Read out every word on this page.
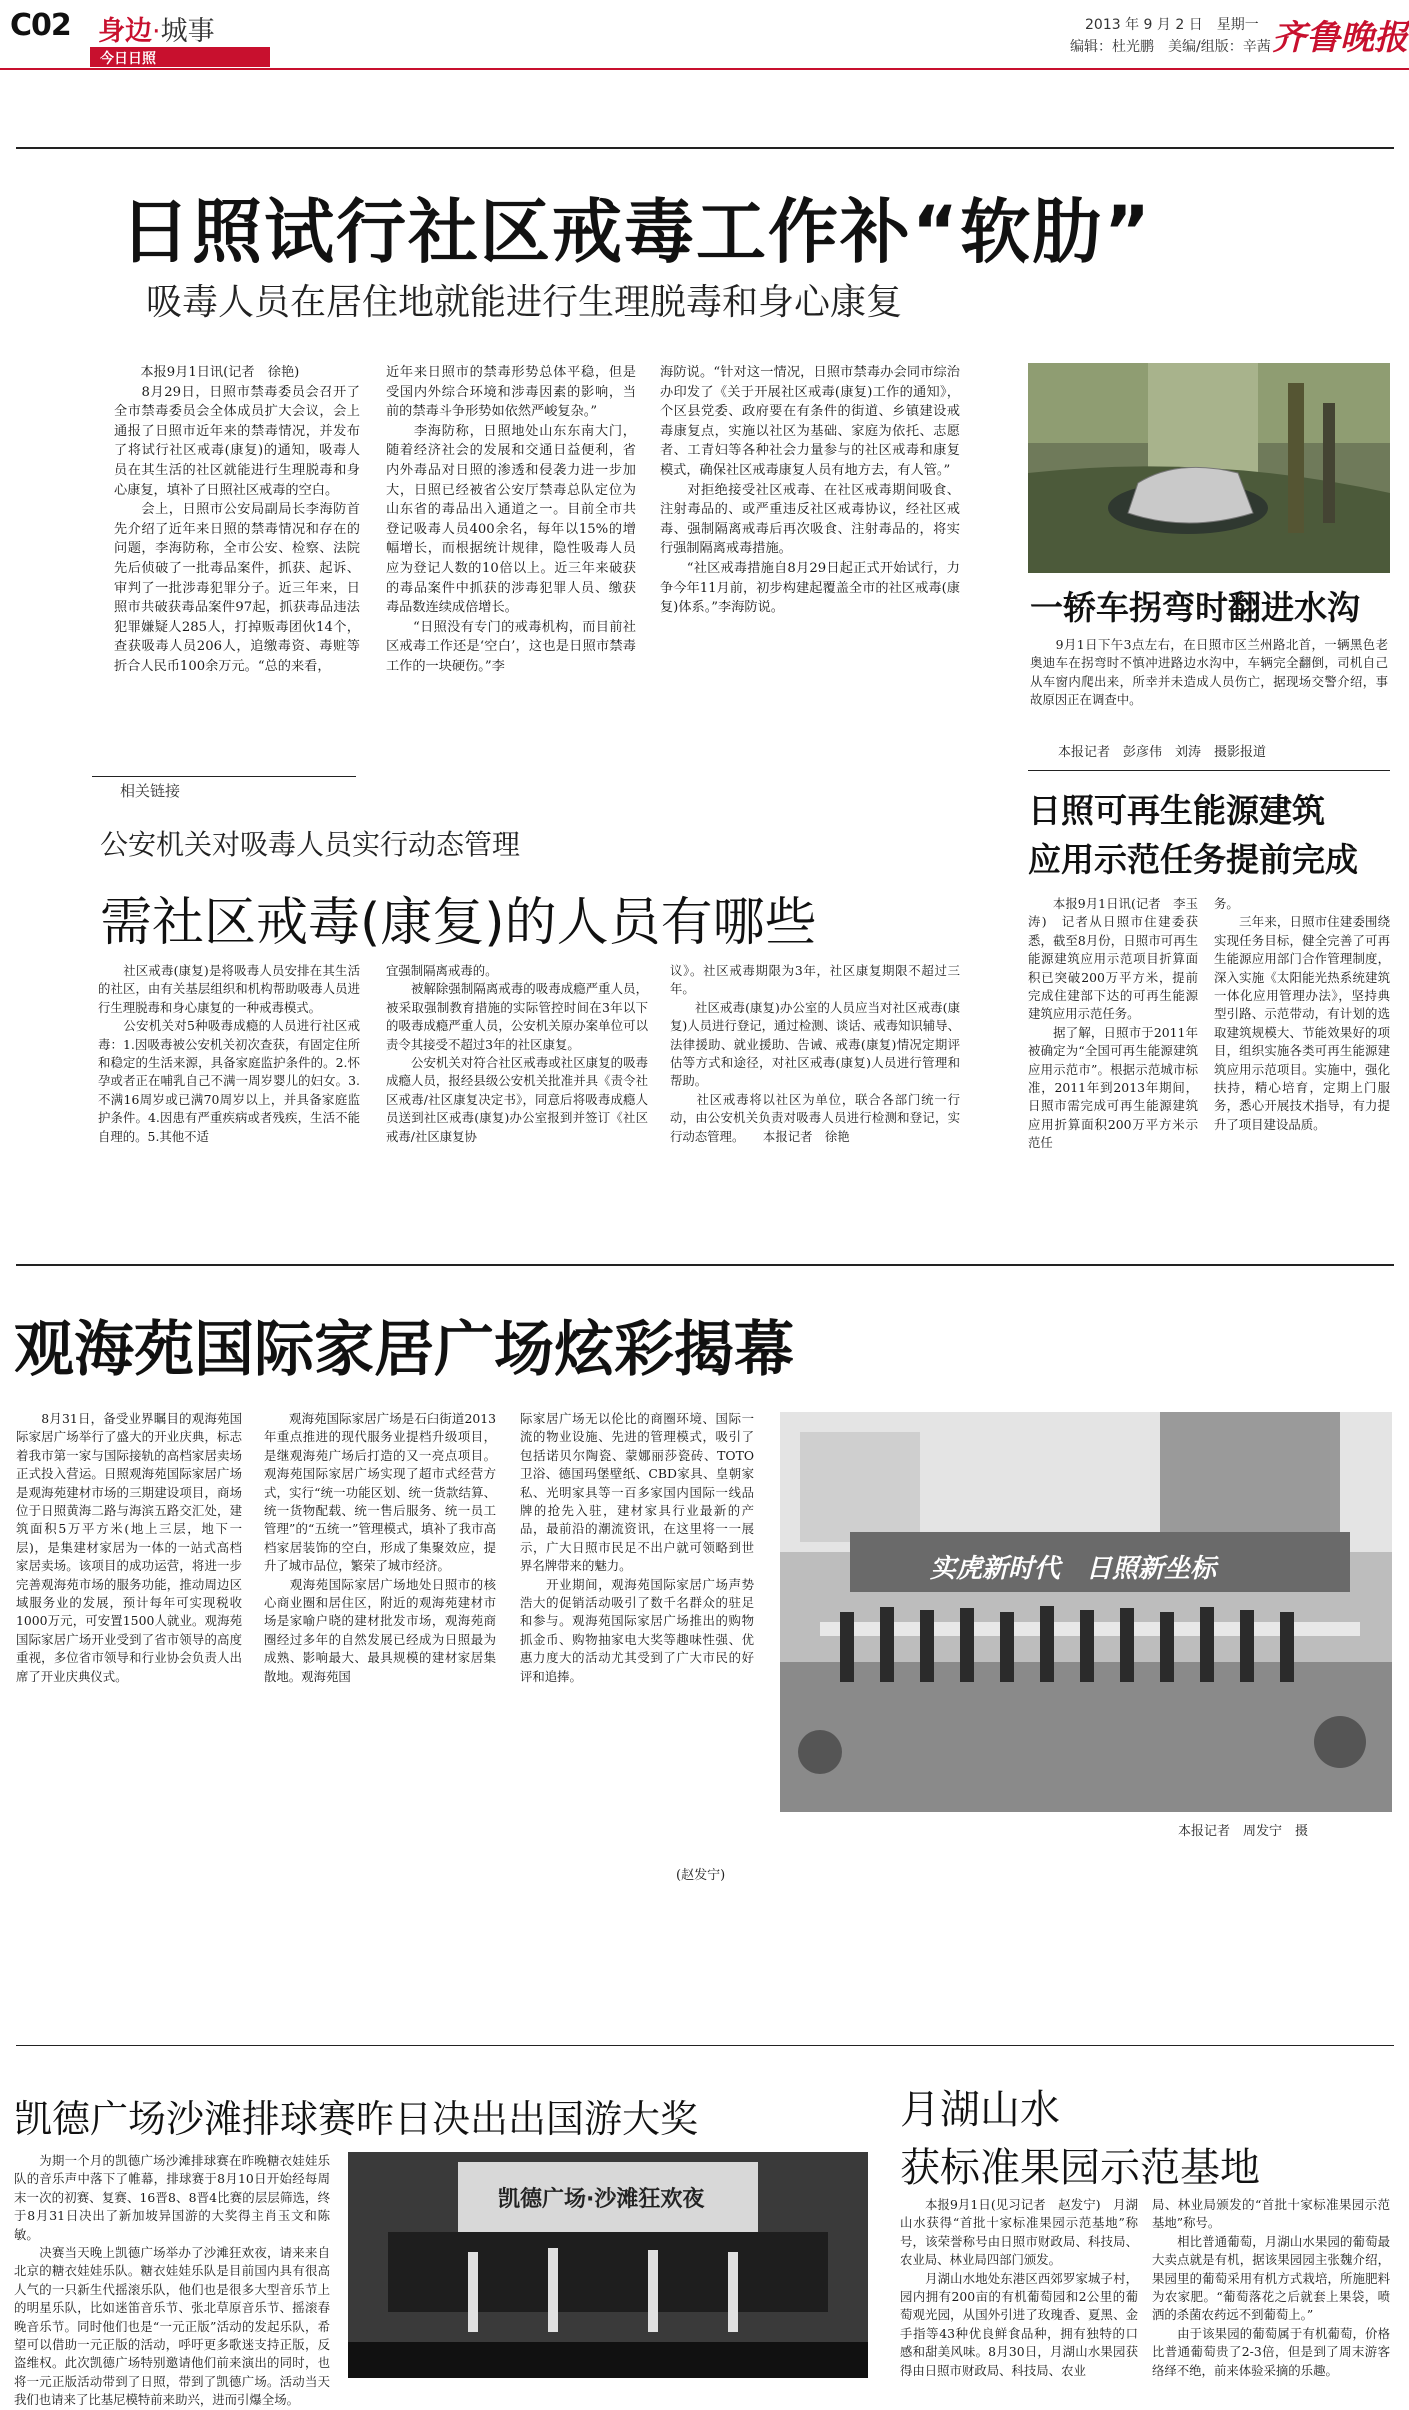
C02 身边·城事
今日日照
2013 年 9 月 2 日　星期一
编辑：杜光鹏　美编/组版：辛茜 齐鲁晚报
日照试行社区戒毒工作补“软肋”
吸毒人员在居住地就能进行生理脱毒和身心康复
　　本报9月1日讯(记者　徐艳)
　　8月29日，日照市禁毒委员会召开了全市禁毒委员会全体成员扩大会议，会上通报了日照市近年来的禁毒情况，并发布了将试行社区戒毒(康复)的通知，吸毒人员在其生活的社区就能进行生理脱毒和身心康复，填补了日照社区戒毒的空白。
　　会上，日照市公安局副局长李海防首先介绍了近年来日照的禁毒情况和存在的问题，李海防称，全市公安、检察、法院先后侦破了一批毒品案件，抓获、起诉、审判了一批涉毒犯罪分子。近三年来，日照市共破获毒品案件97起，抓获毒品违法犯罪嫌疑人285人，打掉贩毒团伙14个，查获吸毒人员206人，追缴毒资、毒赃等折合人民币100余万元。“总的来看，
近年来日照市的禁毒形势总体平稳，但是受国内外综合环境和涉毒因素的影响，当前的禁毒斗争形势如依然严峻复杂。”
　　李海防称，日照地处山东东南大门，随着经济社会的发展和交通日益便利，省内外毒品对日照的渗透和侵袭力进一步加大，日照已经被省公安厅禁毒总队定位为山东省的毒品出入通道之一。目前全市共登记吸毒人员400余名，每年以15%的增幅增长，而根据统计规律，隐性吸毒人员应为登记人数的10倍以上。近三年来破获的毒品案件中抓获的涉毒犯罪人员、缴获毒品数连续成倍增长。
　　“日照没有专门的戒毒机构，而目前社区戒毒工作还是‘空白’，这也是日照市禁毒工作的一块硬伤。”李
海防说。“针对这一情况，日照市禁毒办会同市综治办印发了《关于开展社区戒毒(康复)工作的通知》，个区县党委、政府要在有条件的街道、乡镇建设戒毒康复点，实施以社区为基础、家庭为依托、志愿者、工青妇等各种社会力量参与的社区戒毒和康复模式，确保社区戒毒康复人员有地方去，有人管。”
　　对拒绝接受社区戒毒、在社区戒毒期间吸食、注射毒品的、或严重违反社区戒毒协议，经社区戒毒、强制隔离戒毒后再次吸食、注射毒品的，将实行强制隔离戒毒措施。
　　“社区戒毒措施自8月29日起正式开始试行，力争今年11月前，初步构建起覆盖全市的社区戒毒(康复)体系。”李海防说。	一轿车拐弯时翻进水沟
　　9月1日下午3点左右，在日照市区兰州路北首，一辆黑色老奥迪车在拐弯时不慎冲进路边水沟中，车辆完全翻倒，司机自己从车窗内爬出来，所幸并未造成人员伤亡，据现场交警介绍，事故原因正在调查中。
本报记者　彭彦伟　刘涛　摄影报道
相关链接
公安机关对吸毒人员实行动态管理
需社区戒毒(康复)的人员有哪些
　　社区戒毒(康复)是将吸毒人员安排在其生活的社区，由有关基层组织和机构帮助吸毒人员进行生理脱毒和身心康复的一种戒毒模式。
　　公安机关对5种吸毒成瘾的人员进行社区戒毒：1.因吸毒被公安机关初次查获，有固定住所和稳定的生活来源，具备家庭监护条件的。2.怀孕或者正在哺乳自己不满一周岁婴儿的妇女。3.不满16周岁或已满70周岁以上，并具备家庭监护条件。4.因患有严重疾病或者残疾，生活不能自理的。5.其他不适
宜强制隔离戒毒的。
　　被解除强制隔离戒毒的吸毒成瘾严重人员，被采取强制教育措施的实际管控时间在3年以下的吸毒成瘾严重人员，公安机关原办案单位可以责令其接受不超过3年的社区康复。
　　公安机关对符合社区戒毒或社区康复的吸毒成瘾人员，报经县级公安机关批准并具《责令社区戒毒/社区康复决定书》，同意后将吸毒成瘾人员送到社区戒毒(康复)办公室报到并签订《社区戒毒/社区康复协
议》。社区戒毒期限为3年，社区康复期限不超过三年。
　　社区戒毒(康复)办公室的人员应当对社区戒毒(康复)人员进行登记，通过检测、谈话、戒毒知识辅导、法律援助、就业援助、告诫、戒毒(康复)情况定期评估等方式和途径，对社区戒毒(康复)人员进行管理和帮助。
　　社区戒毒将以社区为单位，联合各部门统一行动，由公安机关负责对吸毒人员进行检测和登记，实行动态管理。　　本报记者　徐艳
日照可再生能源建筑
应用示范任务提前完成
　　本报9月1日讯(记者　李玉涛)　记者从日照市住建委获悉，截至8月份，日照市可再生能源建筑应用示范项目折算面积已突破200万平方米，提前完成住建部下达的可再生能源建筑应用示范任务。
　　据了解，日照市于2011年被确定为“全国可再生能源建筑应用示范市”。根据示范城市标准，2011年到2013年期间，日照市需完成可再生能源建筑应用折算面积200万平方米示范任
务。
　　三年来，日照市住建委围绕实现任务目标，健全完善了可再生能源应用部门合作管理制度，深入实施《太阳能光热系统建筑一体化应用管理办法》，坚持典型引路、示范带动，有计划的选取建筑规模大、节能效果好的项目，组织实施各类可再生能源建筑应用示范项目。实施中，强化扶持，精心培育，定期上门服务，悉心开展技术指导，有力提升了项目建设品质。
观海苑国际家居广场炫彩揭幕
　　8月31日，备受业界瞩目的观海苑国际家居广场举行了盛大的开业庆典，标志着我市第一家与国际接轨的高档家居卖场正式投入营运。日照观海苑国际家居广场是观海苑建材市场的三期建设项目，商场位于日照黄海二路与海滨五路交汇处，建筑面积5万平方米(地上三层，地下一层)，是集建材家居为一体的一站式高档家居卖场。该项目的成功运营，将进一步完善观海苑市场的服务功能，推动周边区域服务业的发展，预计每年可实现税收1000万元，可安置1500人就业。观海苑国际家居广场开业受到了省市领导的高度重视，多位省市领导和行业协会负责人出席了开业庆典仪式。
　　观海苑国际家居广场是石臼街道2013年重点推进的现代服务业提档升级项目，是继观海苑广场后打造的又一亮点项目。观海苑国际家居广场实现了超市式经营方式，实行“统一功能区划、统一货款结算、统一货物配载、统一售后服务、统一员工管理”的“五统一”管理模式，填补了我市高档家居装饰的空白，形成了集聚效应，提升了城市品位，繁荣了城市经济。
　　观海苑国际家居广场地处日照市的核心商业圈和居住区，附近的观海苑建材市场是家喻户晓的建材批发市场，观海苑商圈经过多年的自然发展已经成为日照最为成熟、影响最大、最具规模的建材家居集散地。观海苑国
际家居广场无以伦比的商圈环境、国际一流的物业设施、先进的管理模式，吸引了包括诺贝尔陶瓷、蒙娜丽莎瓷砖、TOTO卫浴、德国玛堡壁纸、CBD家具、皇朝家私、光明家具等一百多家国内国际一线品牌的抢先入驻，建材家具行业最新的产品，最前沿的潮流资讯，在这里将一一展示，广大日照市民足不出户就可领略到世界名牌带来的魅力。
　　开业期间，观海苑国际家居广场声势浩大的促销活动吸引了数千名群众的驻足和参与。观海苑国际家居广场推出的购物抓金币、购物抽家电大奖等趣味性强、优惠力度大的活动尤其受到了广大市民的好评和追捧。
(赵发宁)
实虎新时代　日照新坐标
本报记者　周发宁　摄
凯德广场沙滩排球赛昨日决出出国游大奖
　　为期一个月的凯德广场沙滩排球赛在昨晚糖衣娃娃乐队的音乐声中落下了帷幕，排球赛于8月10日开始经每周末一次的初赛、复赛、16晋8、8晋4比赛的层层筛选，终于8月31日决出了新加坡异国游的大奖得主肖玉文和陈敏。
　　决赛当天晚上凯德广场举办了沙滩狂欢夜，请来来自北京的糖衣娃娃乐队。糖衣娃娃乐队是目前国内具有很高人气的一只新生代摇滚乐队，他们也是很多大型音乐节上的明星乐队，比如迷笛音乐节、张北草原音乐节、摇滚春晚音乐节。同时他们也是“一元正版”活动的发起乐队，希望可以借助一元正版的活动，呼吁更多歌迷支持正版，反盗维权。此次凯德广场特别邀请他们前来演出的同时，也将一元正版活动带到了日照，带到了凯德广场。活动当天我们也请来了比基尼模特前来助兴，进而引爆全场。
凯德广场·沙滩狂欢夜
月湖山水
获标准果园示范基地
　　本报9月1日(见习记者　赵发宁)　月湖山水获得“首批十家标准果园示范基地”称号，该荣誉称号由日照市财政局、科技局、农业局、林业局四部门颁发。
　　月湖山水地处东港区西郊罗家城子村，园内拥有200亩的有机葡萄园和2公里的葡萄观光园，从国外引进了玫瑰香、夏黑、金手指等43种优良鲜食品种，拥有独特的口感和甜美风味。8月30日，月湖山水果园获得由日照市财政局、科技局、农业
局、林业局颁发的“首批十家标准果园示范基地”称号。
　　相比普通葡萄，月湖山水果园的葡萄最大卖点就是有机，据该果园园主张魏介绍，果园里的葡萄采用有机方式栽培，所施肥料为农家肥。“葡萄落花之后就套上果袋，喷洒的杀菌农药远不到葡萄上。”
　　由于该果园的葡萄属于有机葡萄，价格比普通葡萄贵了2-3倍，但是到了周末游客络绎不绝，前来体验采摘的乐趣。
